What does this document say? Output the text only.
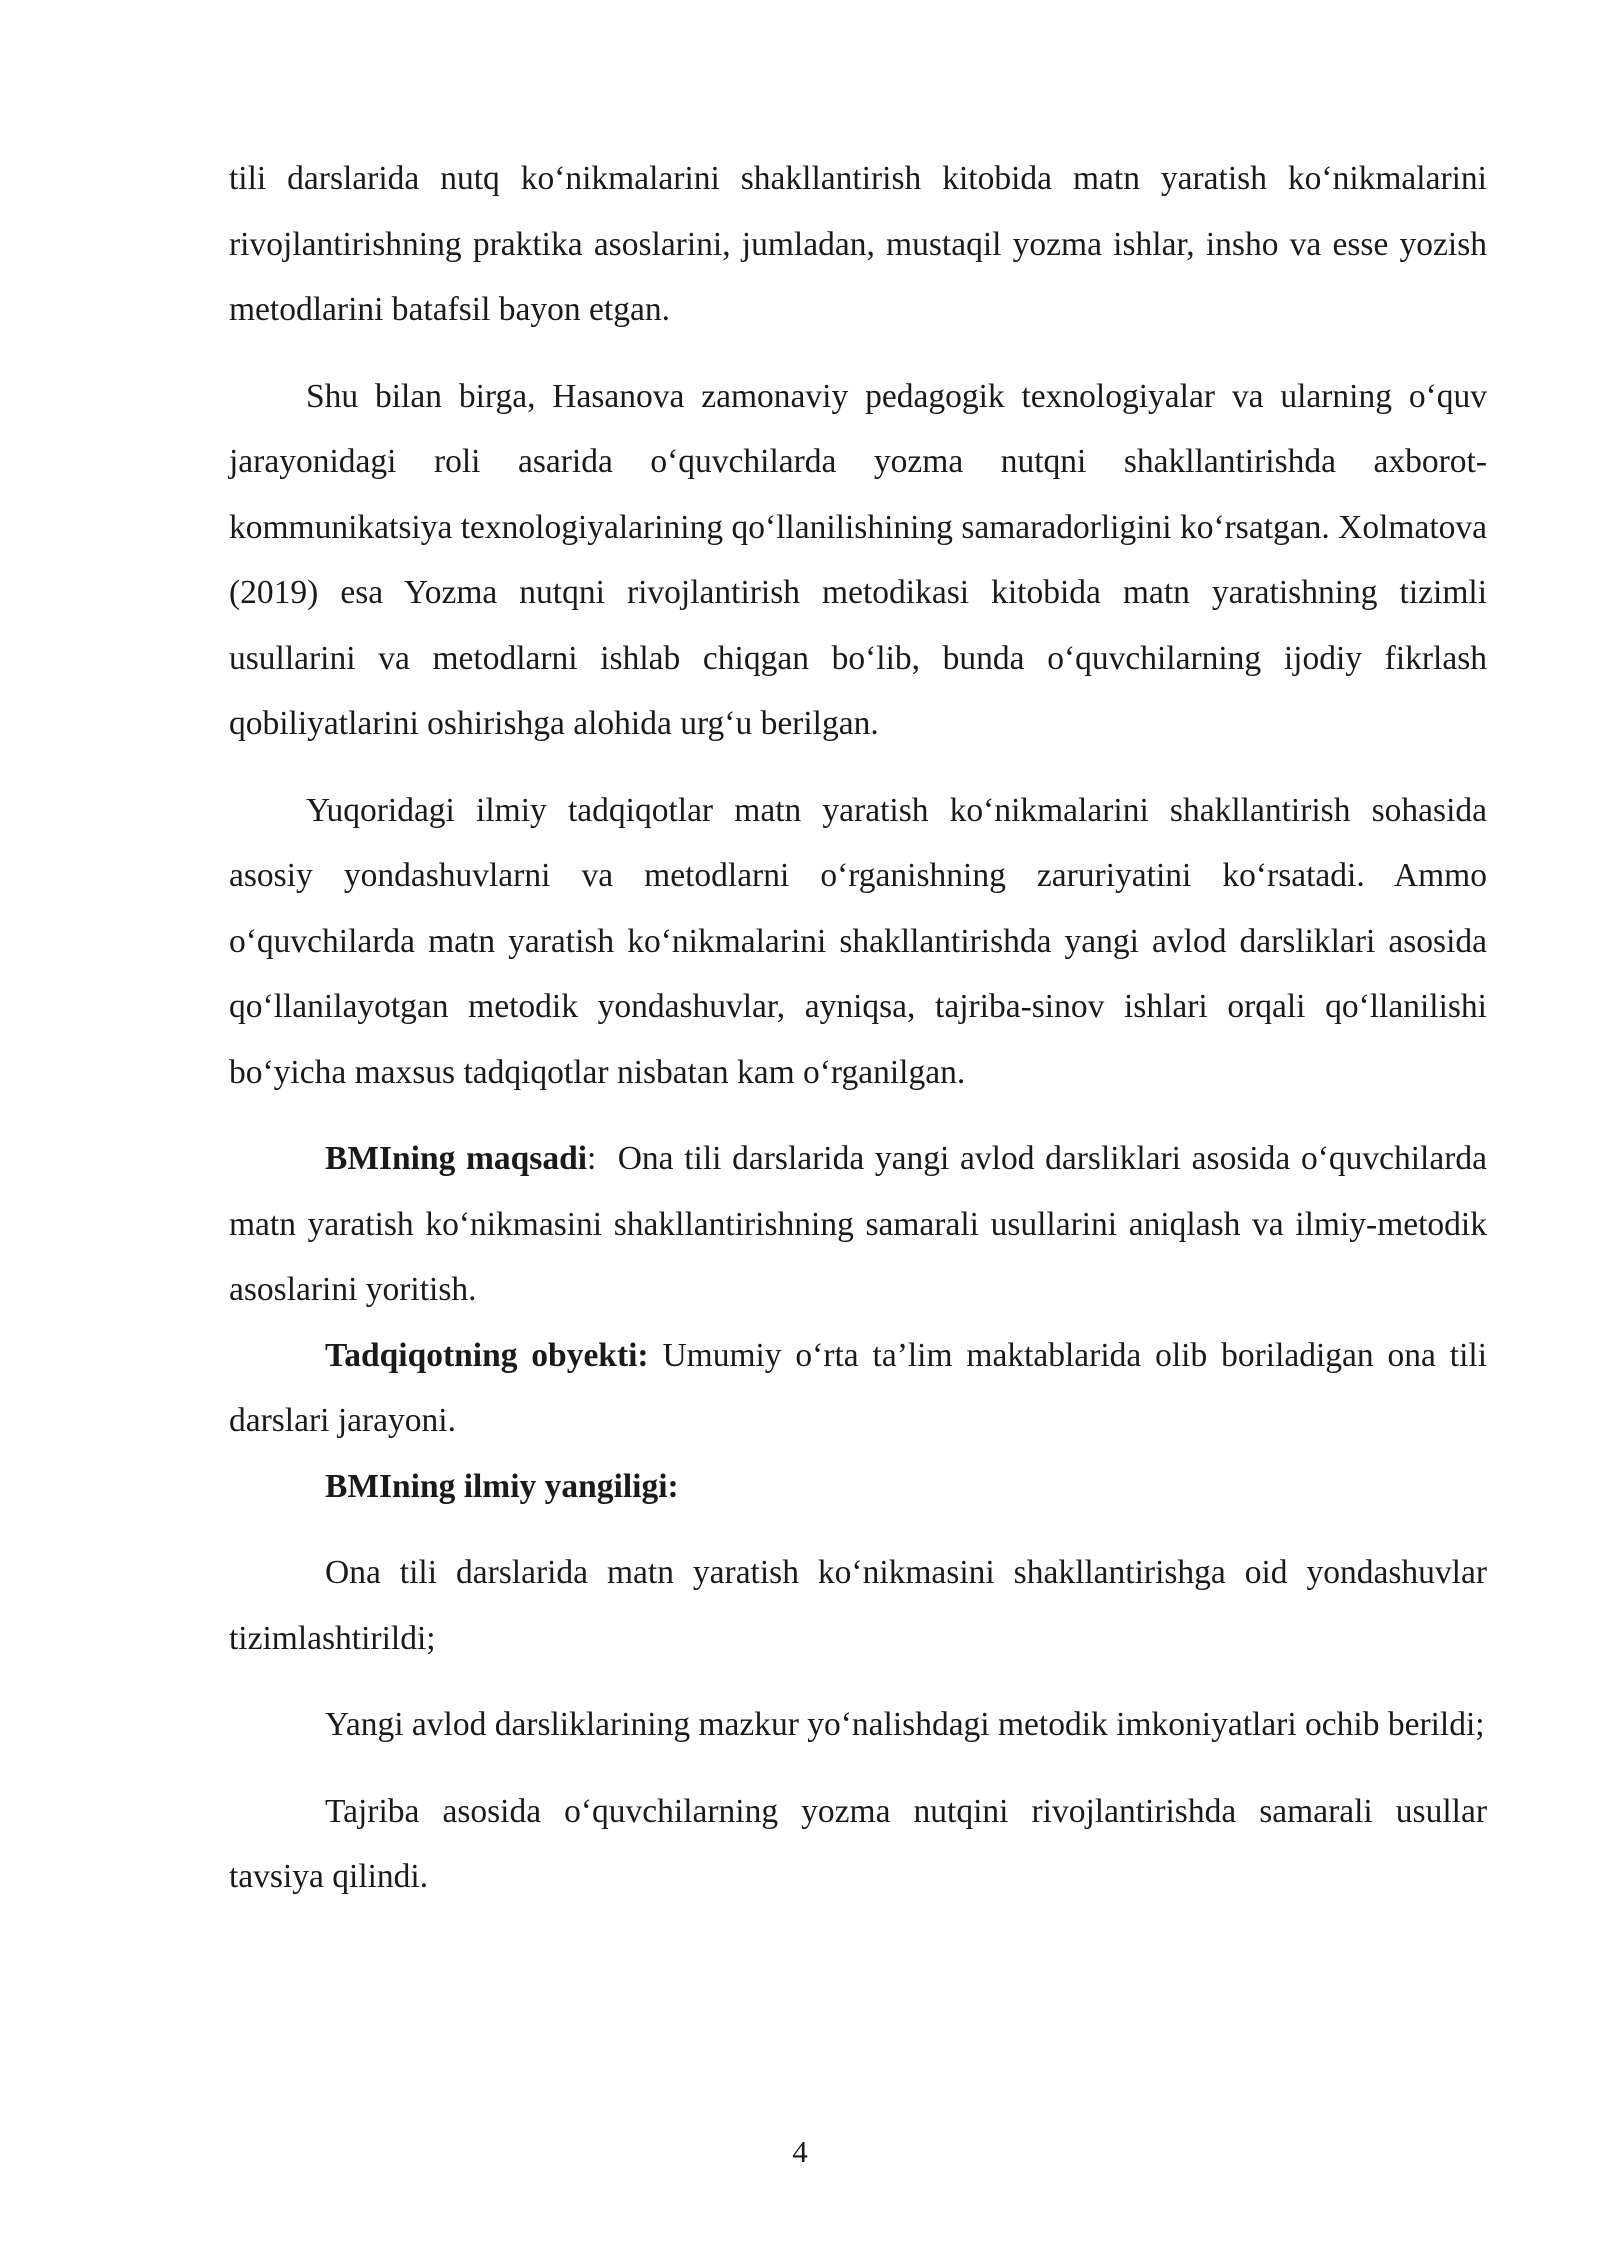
tili darslarida nutq ko‘nikmalarini shakllantirish kitobida matn yaratish ko‘nikmalarini rivojlantirishning praktika asoslarini, jumladan, mustaqil yozma ishlar, insho va esse yozish metodlarini batafsil bayon etgan.

Shu bilan birga, Hasanova zamonaviy pedagogik texnologiyalar va ularning o‘quv jarayonidagi roli asarida o‘quvchilarda yozma nutqni shakllantirishda axborot-kommunikatsiya texnologiyalarining qo‘llanilishining samaradorligini ko‘rsatgan. Xolmatova (2019) esa Yozma nutqni rivojlantirish metodikasi kitobida matn yaratishning tizimli usullarini va metodlarni ishlab chiqgan bo‘lib, bunda o‘quvchilarning ijodiy fikrlash qobiliyatlarini oshirishga alohida urg‘u berilgan.

Yuqoridagi ilmiy tadqiqotlar matn yaratish ko‘nikmalarini shakllantirish sohasida asosiy yondashuvlarni va metodlarni o‘rganishning zaruriyatini ko‘rsatadi. Ammo o‘quvchilarda matn yaratish ko‘nikmalarini shakllantirishda yangi avlod darsliklari asosida qo‘llanilayotgan metodik yondashuvlar, ayniqsa, tajriba-sinov ishlari orqali qo‘llanilishi bo‘yicha maxsus tadqiqotlar nisbatan kam o‘rganilgan.

BMIning maqsadi: Ona tili darslarida yangi avlod darsliklari asosida o‘quvchilarda matn yaratish ko‘nikmasini shakllantirishning samarali usullarini aniqlash va ilmiy-metodik asoslarini yoritish.

Tadqiqotning obyekti: Umumiy o‘rta ta’lim maktablarida olib boriladigan ona tili darslari jarayoni.

BMIning ilmiy yangiligi:

Ona tili darslarida matn yaratish ko‘nikmasini shakllantirishga oid yondashuvlar tizimlashtirildi;

Yangi avlod darsliklarining mazkur yo‘nalishdagi metodik imkoniyatlari ochib berildi;

Tajriba asosida o‘quvchilarning yozma nutqini rivojlantirishda samarali usullar tavsiya qilindi.

4
